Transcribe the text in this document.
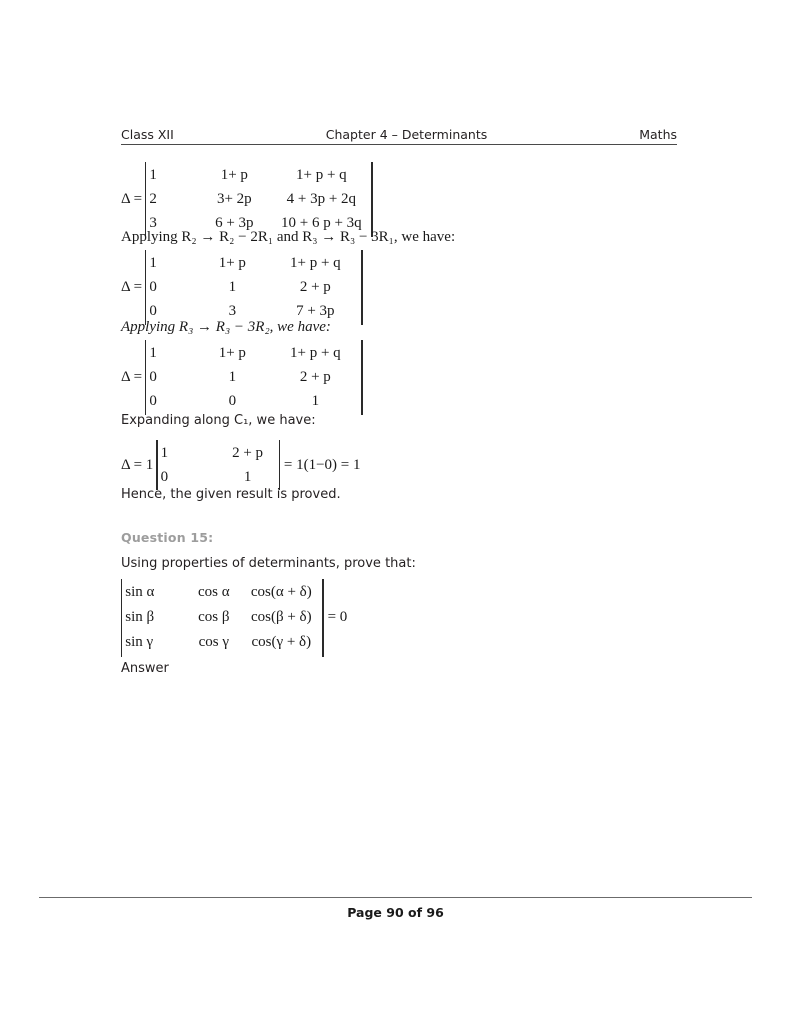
Class XII	Chapter 4 – Determinants	Maths
Δ =
1	1+ p	1+ p + q
2	3+ 2p	4 + 3p + 2q
3	6 + 3p	10 + 6 p + 3q
Applying R₂ → R₂ − 2R₁ and R₃ → R₃ − 3R₁, we have:
Δ =
1	1+ p	1+ p + q
0	1	2 + p
0	3	7 + 3p
Applying R₃ → R₃ − 3R₂, we have:
Δ =
1	1+ p	1+ p + q
0	1	2 + p
0	0	1
Expanding along C₁, we have:
Δ = 1
1	2 + p
0	1
= 1(1−0) = 1
Hence, the given result is proved.
Question 15:
Using properties of determinants, prove that:
sin α	cos α	cos(α + δ)
sin β	cos β	cos(β + δ)
sin γ	cos γ	cos(γ + δ)
= 0
Answer
Page 90 of 96
